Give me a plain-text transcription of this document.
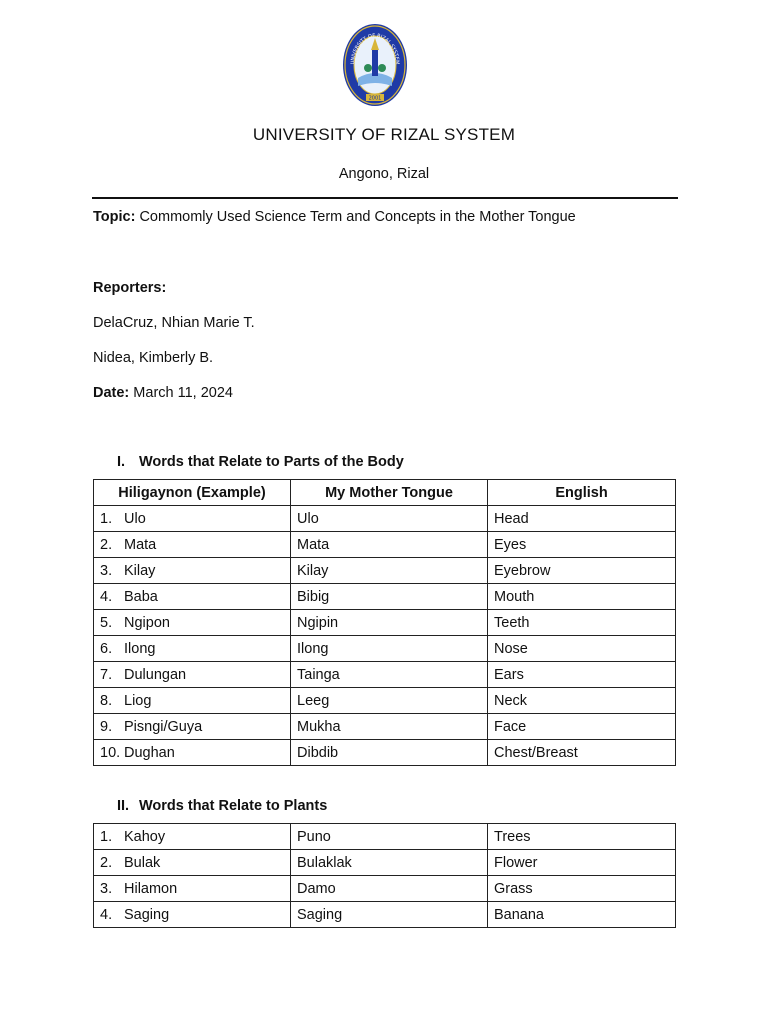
UNIVERSITY OF RIZAL SYSTEM
2001
UNIVERSITY OF RIZAL SYSTEM
Angono, Rizal
Topic: Commomly Used Science Term and Concepts in the Mother Tongue
Reporters:
DelaCruz, Nhian Marie T.
Nidea, Kimberly B.
Date: March 11, 2024
I. Words that Relate to Parts of the Body
Hiligaynon (Example)	My Mother Tongue	English
1. Ulo	Ulo	Head
2. Mata	Mata	Eyes
3. Kilay	Kilay	Eyebrow
4. Baba	Bibig	Mouth
5. Ngipon	Ngipin	Teeth
6. Ilong	Ilong	Nose
7. Dulungan	Tainga	Ears
8. Liog	Leeg	Neck
9. Pisngi/Guya	Mukha	Face
10. Dughan	Dibdib	Chest/Breast
II. Words that Relate to Plants
1. Kahoy	Puno	Trees
2. Bulak	Bulaklak	Flower
3. Hilamon	Damo	Grass
4. Saging	Saging	Banana
